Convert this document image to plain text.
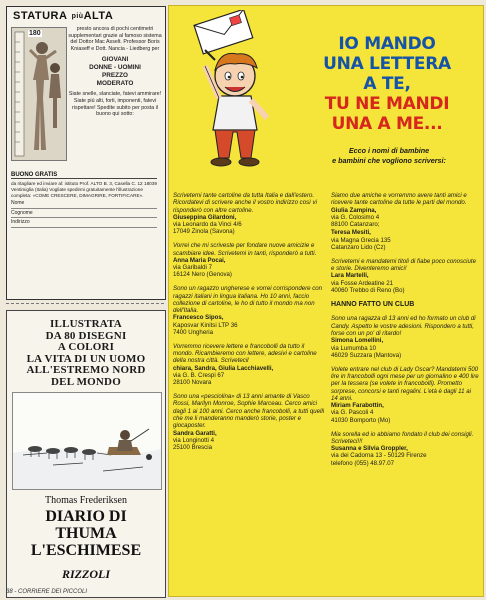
STATURA piùALTA
180
presto ancora di pochi centimetri supplementari grazie al famoso sistema del Dottor Mac Asselt. Professor Boris Kniaseff e Dott. Nancia - Liedberg per
GIOVANI
DONNE - UOMINI
PREZZO
MODERATO
Siate snelle, slanciate, fatevi ammirare! Siate più alti, forti, imponenti, fatevi rispettare! Spedite subito per posta il buono qui sotto:
BUONO GRATIS
da ritagliare ed inviare al: istituto Prof. ALTO B. 3, Casella C. 12 18039 Ventimiglia (Italia) Vogliate spedirmi gratuitamente l'illustrazione completa: «COME CRESCERE, DIMAGRIRE, FORTIFICARE».
Nome
Cognome
Indirizzo
ILLUSTRATA
DA 80 DISEGNI
A COLORI
LA VITA DI UN UOMO
ALL'ESTREMO NORD
DEL MONDO
Thomas Frederiksen
DIARIO DI
THUMA
L'ESCHIMESE
RIZZOLI
38 - CORRIERE DEI PICCOLI
IO MANDO
UNA LETTERA
A TE,
TU NE MANDI
UNA A ME...
Ecco i nomi di bambine
e bambini che vogliono scriversi:

Scrivetemi tante cartoline da tutta Italia e dall'estero. Ricordatevi di scrivere anche il vostro indirizzo così vi risponderò con altre cartoline.
Giuseppina Gilardoni,
via Leonardo da Vinci 4/6
17049 Zinola (Savona)

Vorrei che mi scriveste per fondare nuove amicizie e scambiare idee. Scrivetemi in tanti, risponderò a tutti.
Anna Maria Pocai,
via Garibaldi 7
16124 Nero (Genova)

Sono un ragazzo ungherese e vorrei corrispondere con ragazzi italiani in lingua italiana. Ho 10 anni, faccio collezione di cartoline, le ho di tutto il mondo ma non dell'Italia.
Francesco Sipos,
Kaposvar Kinitsi LTP 36
7400 Ungheria

Vorremmo ricevere lettere e francobolli da tutto il mondo. Ricambieremo con lettere, adesivi e cartoline della nostra città. Scrivetecil
chiara, Sandra, Giulia Lacchiavelli,
via G. B. Crespi 67
28100 Novara

Sono una «pesciolina» di 13 anni amante di Vasco Rossi, Marilyn Monroe, Sophie Marceau. Cerco amici dagli 1 ai 100 anni. Cerco anche francobolli, a tutti quelli che me li manderanno manderò storie, poster e giocaposter.
Sandra Garatti,
via Longinotti 4
25100 Brescia

Siamo due amiche e vorremmo avere tanti amici e ricevere tante cartoline da tutte le parti del mondo.
Giulia Zampina,
via G. Colosimo 4
88100 Catanzaro;

Teresa Mesiti,
via Magna Grecia 135
Catanzaro Lido (Cz)

Scrivetemi e mandatemi titoli di fiabe poco conosciute e storie. Diventeremo amici!
Lara Martelli,
via Fosse Ardeatine 21
40060 Trebbo di Reno (Bo)

HANNO FATTO UN CLUB

Sono una ragazza di 13 anni ed ho formato un club di Candy. Aspetto le vostre adesioni. Rispondero a tutti, forse con un po' di ritardo!
Simona Lomellini,
via Lumumba 10
46029 Suzzara (Mantova)

Volete entrare nel club di Lady Oscar? Mandatemi 500 lire in francobolli ogni mese per un giornalino e 400 lire per la tessera (se volete in francobolli). Prometto sorprese, concorsi e tanti regalini. L'età è dagli 11 ai 14 anni.
Miriam Farabottin,
via G. Pascoli 4
41030 Bomporto (Mo)

Mia sorella ed io abbiamo fondato il club dei consigli. Scriveteci!!!
Susanna e Silvia Groppler,
via dei Cadorna 13 - 50129 Firenze
telefono (055) 48.97.07
